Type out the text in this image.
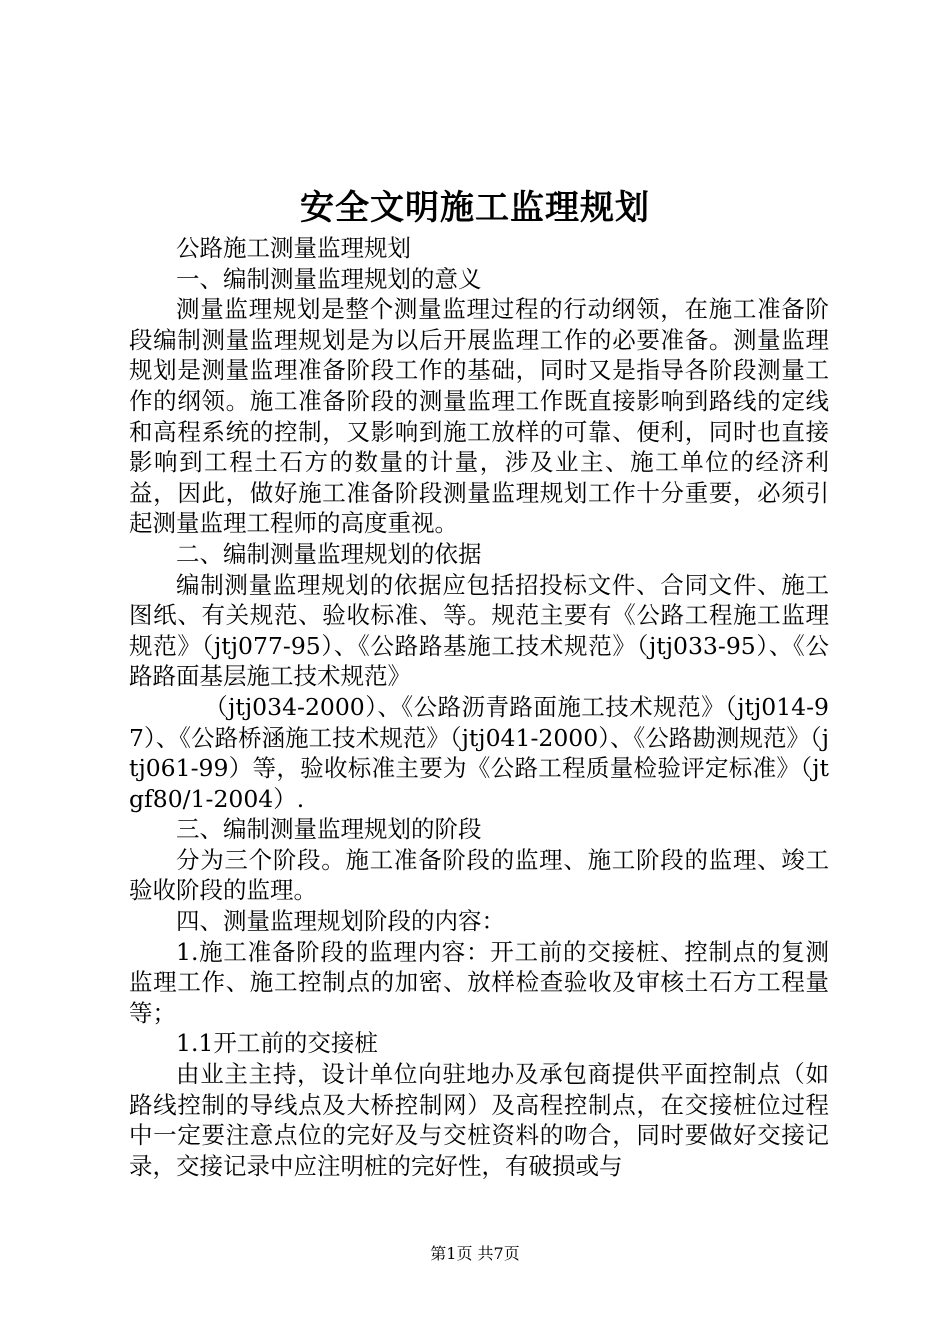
安全文明施工监理规划

公路施工测量监理规划

一、编制测量监理规划的意义

测量监理规划是整个测量监理过程的行动纲领，在施工准备阶段编制测量监理规划是为以后开展监理工作的必要准备。测量监理规划是测量监理准备阶段工作的基础，同时又是指导各阶段测量工作的纲领。施工准备阶段的测量监理工作既直接影响到路线的定线和高程系统的控制，又影响到施工放样的可靠、便利，同时也直接影响到工程土石方的数量的计量，涉及业主、施工单位的经济利益，因此，做好施工准备阶段测量监理规划工作十分重要，必须引起测量监理工程师的高度重视。

二、编制测量监理规划的依据

编制测量监理规划的依据应包括招投标文件、合同文件、施工图纸、有关规范、验收标准、等。规范主要有《公路工程施工监理规范》（jtj077-95）、《公路路基施工技术规范》（jtj033-95）、《公路路面基层施工技术规范》

（jtj034-2000）、《公路沥青路面施工技术规范》（jtj014-97）、《公路桥涵施工技术规范》（jtj041-2000）、《公路勘测规范》（jtj061-99）等，验收标准主要为《公路工程质量检验评定标准》（jtgf80/1-2004）.

三、编制测量监理规划的阶段

分为三个阶段。施工准备阶段的监理、施工阶段的监理、竣工验收阶段的监理。

四、测量监理规划阶段的内容：

1.施工准备阶段的监理内容：开工前的交接桩、控制点的复测监理工作、施工控制点的加密、放样检查验收及审核土石方工程量等；

1.1开工前的交接桩

由业主主持，设计单位向驻地办及承包商提供平面控制点（如路线控制的导线点及大桥控制网）及高程控制点，在交接桩位过程中一定要注意点位的完好及与交桩资料的吻合，同时要做好交接记录，交接记录中应注明桩的完好性，有破损或与

第1页 共7页
